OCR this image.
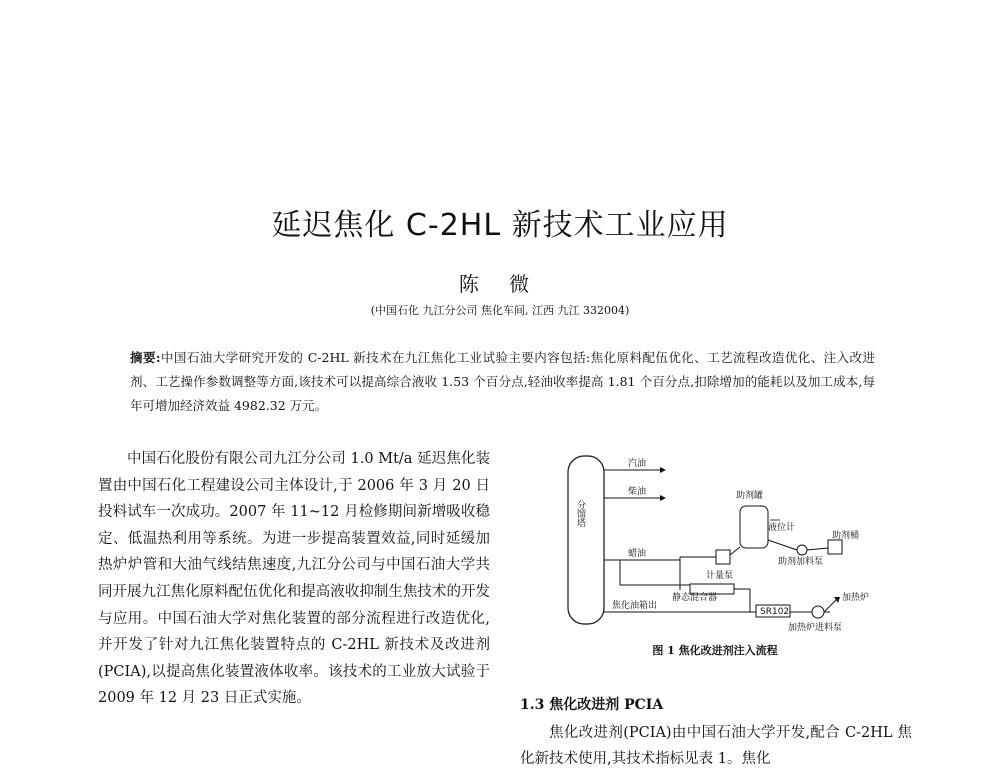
延迟焦化 C-2HL 新技术工业应用
陈 微
(中国石化 九江分公司 焦化车间, 江西 九江 332004)
摘要:中国石油大学研究开发的 C-2HL 新技术在九江焦化工业试验主要内容包括:焦化原料配伍优化、工艺流程改造优化、注入改进剂、工艺操作参数调整等方面,该技术可以提高综合液收 1.53 个百分点,轻油收率提高 1.81 个百分点,扣除增加的能耗以及加工成本,每年可增加经济效益 4982.32 万元。

中国石化股份有限公司九江分公司 1.0 Mt/a 延迟焦化装置由中国石化工程建设公司主体设计,于 2006 年 3 月 20 日投料试车一次成功。2007 年 11~12 月检修期间新增吸收稳定、低温热利用等系统。为进一步提高装置效益,同时延缓加热炉炉管和大油气线结焦速度,九江分公司与中国石油大学共同开展九江焦化原料配伍优化和提高液收抑制生焦技术的开发与应用。中国石油大学对焦化装置的部分流程进行改造优化,并开发了针对九江焦化装置特点的 C-2HL 新技术及改进剂(PCIA),以提高焦化装置液体收率。该技术的工业放大试验于 2009 年 12 月 23 日正式实施。

分馏塔
汽油
柴油
蜡油
助剂罐
液位计
计量泵
助剂桶
助剂加料泵
静态混合器
焦化油箱出
SR102
加热炉
加热炉进料泵
图 1 焦化改进剂注入流程
1.3 焦化改进剂 PCIA

焦化改进剂(PCIA)由中国石油大学开发,配合 C-2HL 焦化新技术使用,其技术指标见表 1。焦化
